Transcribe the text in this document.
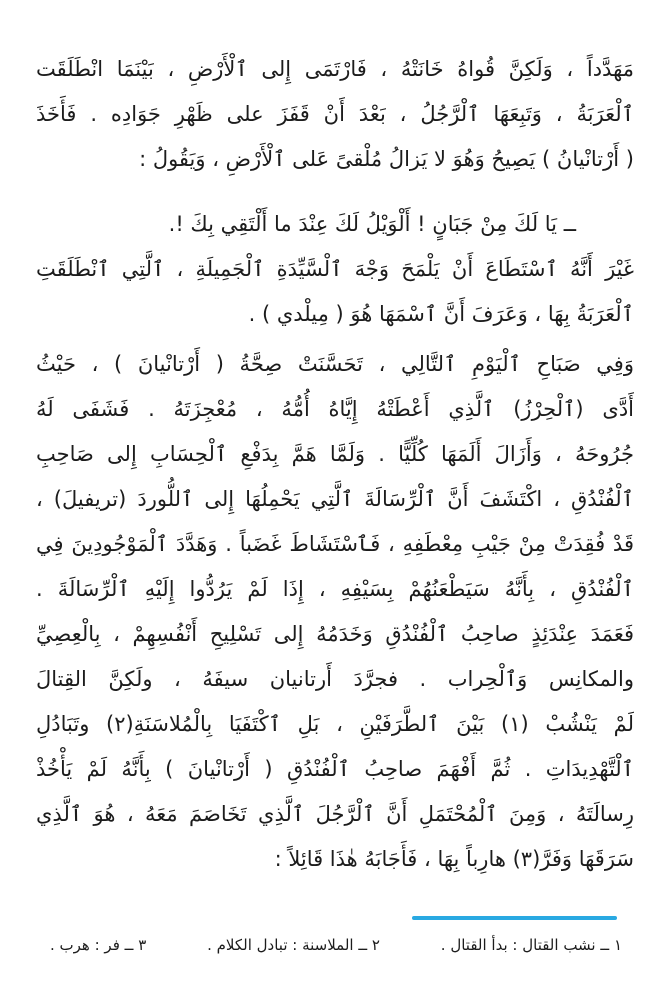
مَهَدَّداً ، وَلَكِنَّ قُواهُ خَانَتْهُ ، فَارْتَمَى إِلى ٱلْأَرْضِ ، بَيْنَمَا انْطَلَقَت
ٱلْعَرَبَةُ ، وَتَبِعَهَا ٱلْرَّجُلُ ، بَعْدَ أَنْ قَفَزَ على ظَهْرِ جَوَادِه . فَأَخَذَ
( أَرْتانْيانُ ) يَصِيحُ وَهُوَ لا يَزالُ مُلْقىً عَلى ٱلْأَرْضِ ، وَيَقُولُ :
ــ يَا لَكَ مِنْ جَبَانٍ ! أَلْوَيْلُ لَكَ عِنْدَ ما أَلْتَقِي بِكَ !.
غَيْرَ أَنَّهُ ٱسْتَطَاعَ أَنْ يَلْمَحَ وَجْهَ ٱلْسَّيِّدَةِ ٱلْجَمِيلَةِ ، ٱلَّتِي ٱنْطَلَقَتِ
ٱلْعَرَبَةُ بِهَا ، وَعَرَفَ أَنَّ ٱسْمَهَا هُوَ ( مِيلْدي ) .
وَفِي صَبَاحِ ٱلْيَوْمِ ٱلتَّالِي ، تَحَسَّنَتْ صِحَّةُ ( أَرْتانْيانَ ) ، حَيْثُ
أَدَّى (ٱلْحِرْزُ) ٱلَّذِي أَعْطَتْهُ إِيَّاهُ أُمُّهُ ، مُعْجِزَتَهُ . فَشَفَى لَهُ
جُرُوحَهُ ، وَأَزَالَ أَلَمَهَا كُلِّيًّا . وَلَمَّا هَمَّ بِدَفْعِ ٱلْحِسَابِ إِلى صَاحِبِ
ٱلْفُنْدُقِ ، اكْتَشَفَ أَنَّ ٱلْرِّسَالَةَ ٱلَّتِي يَحْمِلُهَا إِلى ٱللُّوردَ (تريفيلَ) ،
قَدْ فُقِدَتْ مِنْ جَيْبِ مِعْطَفِهِ ، فَٱسْتَشَاطَ غَضَباً . وَهَدَّدَ ٱلْمَوْجُودِينَ فِي
ٱلْفُنْدُقِ ، بِأَنَّهُ سَيَطْعَنُهُمْ بِسَيْفِهِ ، إِذَا لَمْ يَرُدُّوا إِلَيْهِ ٱلْرِّسَالَةَ .
فَعَمَدَ عِنْدَئِذٍ صاحِبُ ٱلْفُنْدُقِ وَخَدَمُهُ إِلى تَسْلِيحِ أَنْفُسِهِمْ ، بِالْعِصِيِّ
والمكانِس وَٱلْحِراب . فجرَّدَ أَرتانيان سيفَهُ ، ولَكِنَّ القِتالَ
لَمْ يَنْشُبْ (١) بَيْنَ ٱلطَّرَفَيْنِ ، بَلِ ٱكْتَفَيَا بِالْمُلاسَنَةِ(٢) وتَبَادُلِ
ٱلْتَّهْدِيدَاتِ . ثُمَّ أَفْهَمَ صاحِبُ ٱلْفُنْدُقِ ( أَرْتانْيانَ ) بِأَنَّهُ لَمْ يَأْخُذْ
رِسالَتَهُ ، وَمِنَ ٱلْمُحْتَمَلِ أَنَّ ٱلْرَّجُلَ ٱلَّذِي تَخَاصَمَ مَعَهُ ، هُوَ ٱلَّذِي
سَرَقَهَا وَفَرَّ(٣) هارِباً بِهَا ، فَأَجَابَهُ هٰذَا قَائِلاً :
١ ــ نشب القتال : بدأ القتال .
٢ ــ الملاسنة : تبادل الكلام .
٣ ــ فر : هرب .
